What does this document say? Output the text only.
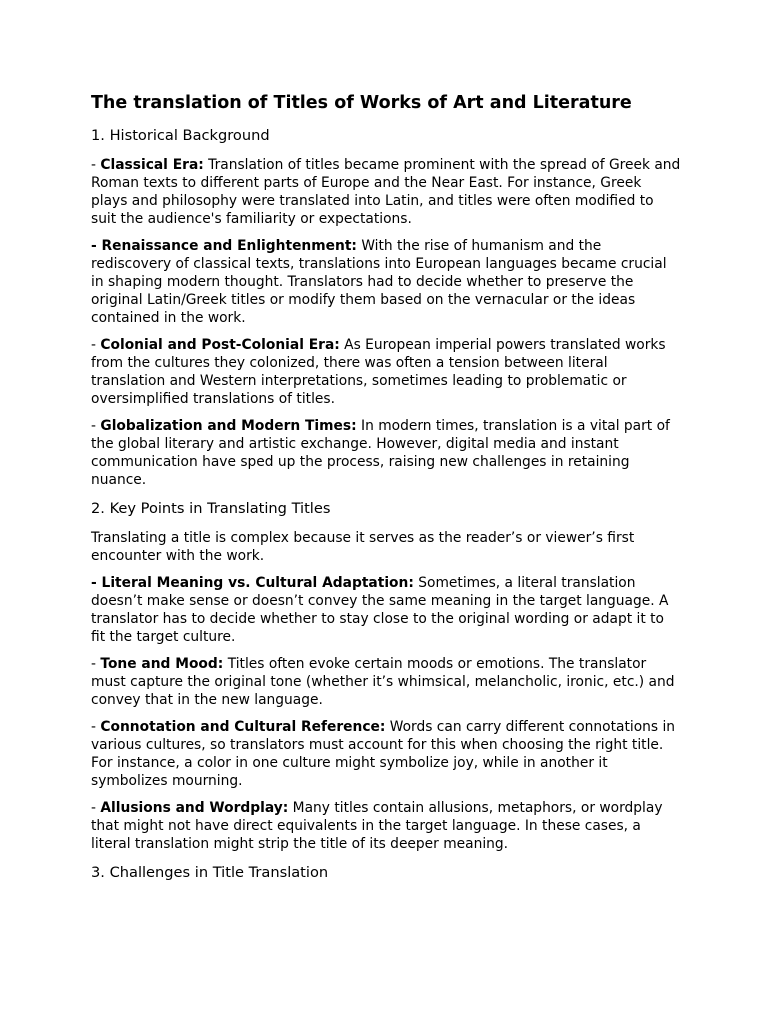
The translation of Titles of Works of Art and Literature
1. Historical Background

- Classical Era: Translation of titles became prominent with the spread of Greek and Roman texts to different parts of Europe and the Near East. For instance, Greek plays and philosophy were translated into Latin, and titles were often modified to suit the audience's familiarity or expectations.

- Renaissance and Enlightenment: With the rise of humanism and the rediscovery of classical texts, translations into European languages became crucial in shaping modern thought. Translators had to decide whether to preserve the original Latin/Greek titles or modify them based on the vernacular or the ideas contained in the work.

- Colonial and Post-Colonial Era: As European imperial powers translated works from the cultures they colonized, there was often a tension between literal translation and Western interpretations, sometimes leading to problematic or oversimplified translations of titles.

- Globalization and Modern Times: In modern times, translation is a vital part of the global literary and artistic exchange. However, digital media and instant communication have sped up the process, raising new challenges in retaining nuance.

2. Key Points in Translating Titles

Translating a title is complex because it serves as the reader’s or viewer’s first encounter with the work.

- Literal Meaning vs. Cultural Adaptation: Sometimes, a literal translation doesn’t make sense or doesn’t convey the same meaning in the target language. A translator has to decide whether to stay close to the original wording or adapt it to fit the target culture.

- Tone and Mood: Titles often evoke certain moods or emotions. The translator must capture the original tone (whether it’s whimsical, melancholic, ironic, etc.) and convey that in the new language.

- Connotation and Cultural Reference: Words can carry different connotations in various cultures, so translators must account for this when choosing the right title. For instance, a color in one culture might symbolize joy, while in another it symbolizes mourning.

- Allusions and Wordplay: Many titles contain allusions, metaphors, or wordplay that might not have direct equivalents in the target language. In these cases, a literal translation might strip the title of its deeper meaning.

3. Challenges in Title Translation
